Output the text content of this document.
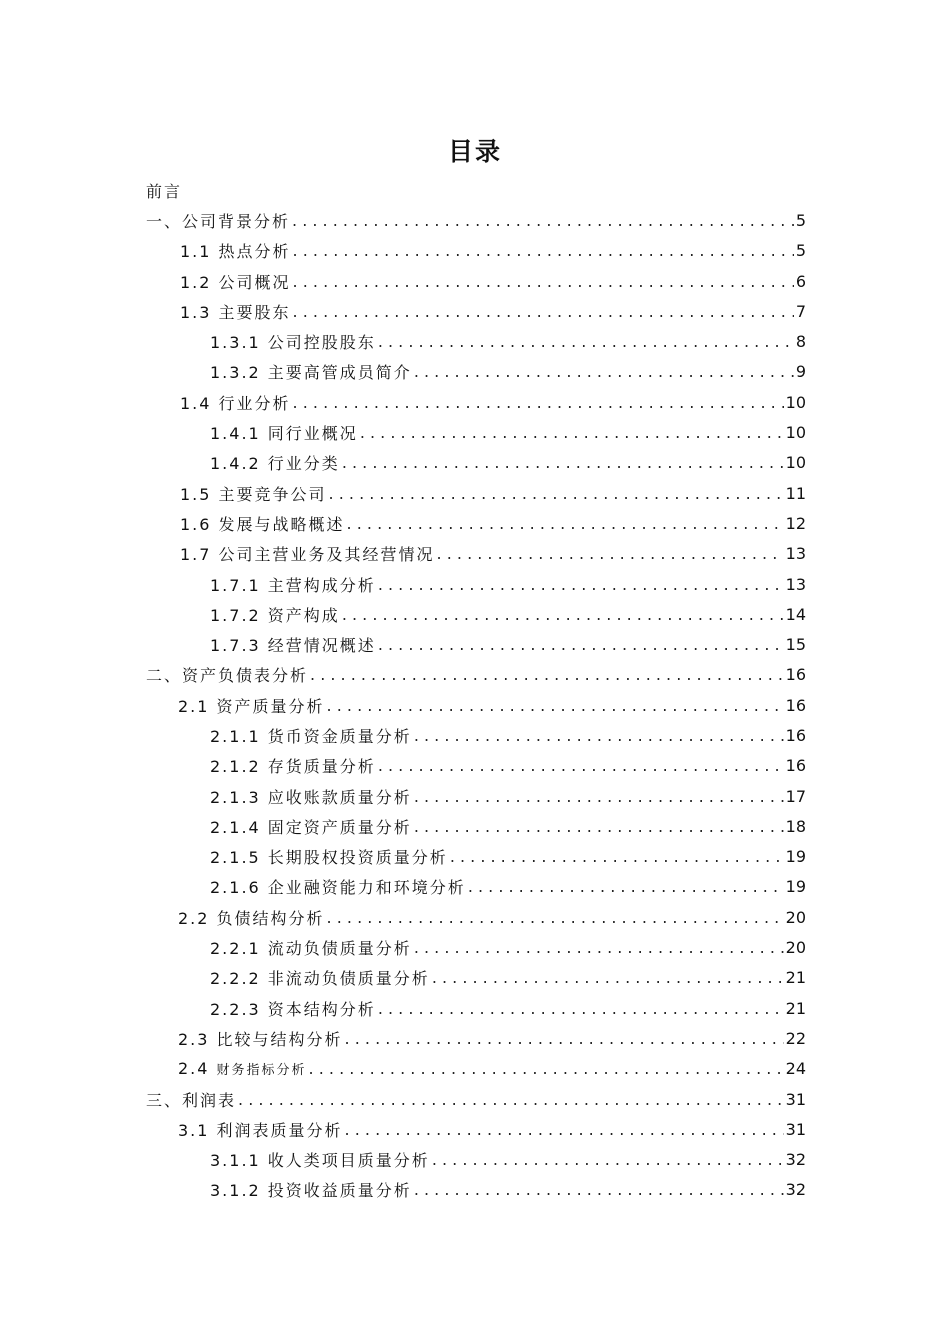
目录
前言
一、公司背景分析 . . .	5
1.1 热点分析 . . .	5
1.2 公司概况 . . .	6
1.3 主要股东 . . .	7
1.3.1 公司控股股东 . . .	8
1.3.2 主要高管成员简介 . . .	9
1.4 行业分析 . . .	10
1.4.1 同行业概况 . . .	10
1.4.2 行业分类 . . .	10
1.5 主要竞争公司 . . .	11
1.6 发展与战略概述 . . .	12
1.7 公司主营业务及其经营情况 . . .	13
1.7.1 主营构成分析 . . .	13
1.7.2 资产构成 . . .	14
1.7.3 经营情况概述 . . .	15
二、资产负债表分析 . . .	16
2.1 资产质量分析 . . .	16
2.1.1 货币资金质量分析 . . .	16
2.1.2 存货质量分析 . . .	16
2.1.3 应收账款质量分析 . . .	17
2.1.4 固定资产质量分析 . . .	18
2.1.5 长期股权投资质量分析 . . .	19
2.1.6 企业融资能力和环境分析 . . .	19
2.2 负债结构分析 . . .	20
2.2.1 流动负债质量分析 . . .	20
2.2.2 非流动负债质量分析 . . .	21
2.2.3 资本结构分析 . . .	21
2.3 比较与结构分析 . . .	22
2.4 财务指标分析 . . .	24
三、利润表 . . .	31
3.1 利润表质量分析 . . .	31
3.1.1 收人类项目质量分析 . . .	32
3.1.2 投资收益质量分析 . . .	32
